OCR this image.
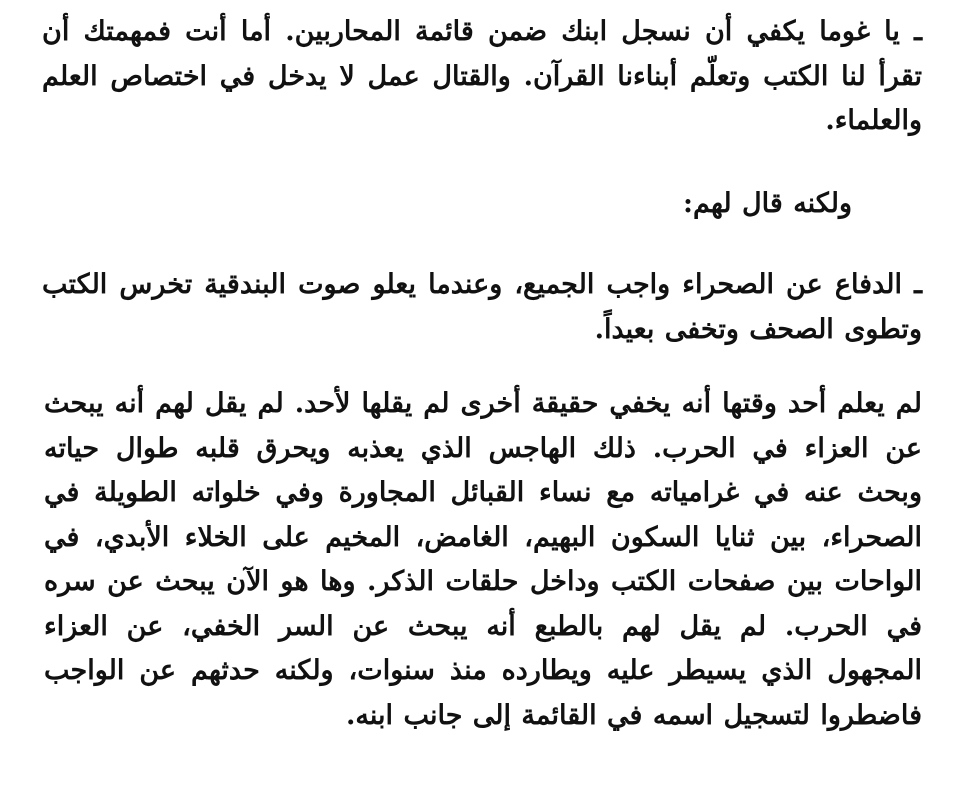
ـ يا غوما يكفي أن نسجل ابنك ضمن قائمة المحاربين. أما أنت فمهمتك أن تقرأ لنا الكتب وتعلّم أبناءنا القرآن. والقتال عمل لا يدخل في اختصاص العلم والعلماء.

ولكنه قال لهم:

ـ الدفاع عن الصحراء واجب الجميع، وعندما يعلو صوت البندقية تخرس الكتب وتطوى الصحف وتخفى بعيداً.

لم يعلم أحد وقتها أنه يخفي حقيقة أخرى لم يقلها لأحد. لم يقل لهم أنه يبحث عن العزاء في الحرب. ذلك الهاجس الذي يعذبه ويحرق قلبه طوال حياته وبحث عنه في غرامياته مع نساء القبائل المجاورة وفي خلواته الطويلة في الصحراء، بين ثنايا السكون البهيم، الغامض، المخيم على الخلاء الأبدي، في الواحات بين صفحات الكتب وداخل حلقات الذكر. وها هو الآن يبحث عن سره في الحرب. لم يقل لهم بالطبع أنه يبحث عن السر الخفي، عن العزاء المجهول الذي يسيطر عليه ويطارده منذ سنوات، ولكنه حدثهم عن الواجب فاضطروا لتسجيل اسمه في القائمة إلى جانب ابنه.
